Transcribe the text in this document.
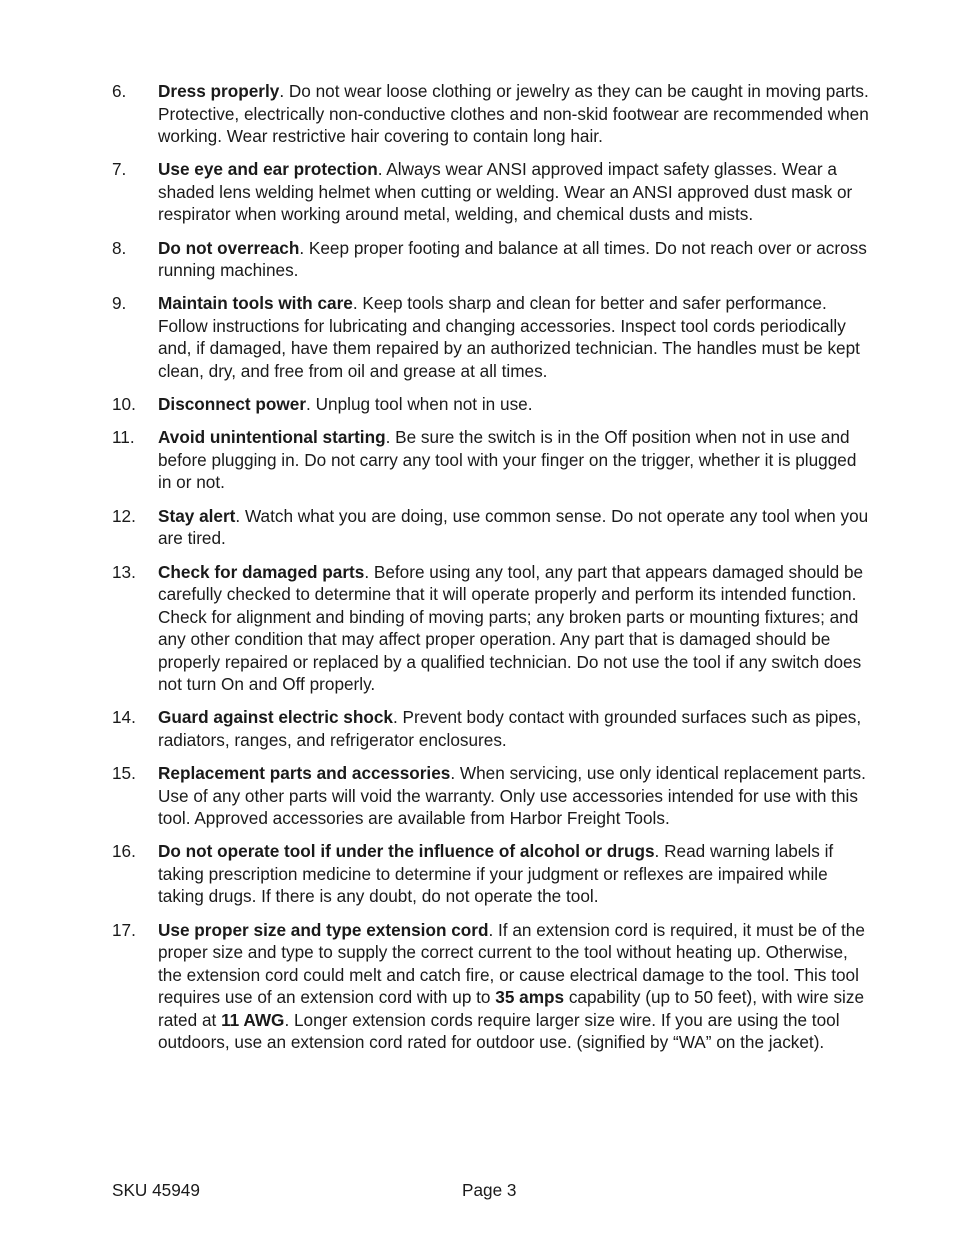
6.	Dress properly. Do not wear loose clothing or jewelry as they can be caught in moving parts. Protective, electrically non-conductive clothes and non-skid footwear are recommended when working. Wear restrictive hair covering to contain long hair.
7.	Use eye and ear protection. Always wear ANSI approved impact safety glasses. Wear a shaded lens welding helmet when cutting or welding. Wear an ANSI approved dust mask or respirator when working around metal, welding, and chemical dusts and mists.
8.	Do not overreach. Keep proper footing and balance at all times. Do not reach over or across running machines.
9.	Maintain tools with care. Keep tools sharp and clean for better and safer performance. Follow instructions for lubricating and changing accessories. Inspect tool cords periodically and, if damaged, have them repaired by an authorized technician. The handles must be kept clean, dry, and free from oil and grease at all times.
10.	Disconnect power. Unplug tool when not in use.
11.	Avoid unintentional starting. Be sure the switch is in the Off position when not in use and before plugging in. Do not carry any tool with your finger on the trigger, whether it is plugged in or not.
12.	Stay alert. Watch what you are doing, use common sense. Do not operate any tool when you are tired.
13.	Check for damaged parts. Before using any tool, any part that appears damaged should be carefully checked to determine that it will operate properly and perform its intended function. Check for alignment and binding of moving parts; any broken parts or mounting fixtures; and any other condition that may affect proper operation. Any part that is damaged should be properly repaired or replaced by a qualified technician. Do not use the tool if any switch does not turn On and Off properly.
14.	Guard against electric shock. Prevent body contact with grounded surfaces such as pipes, radiators, ranges, and refrigerator enclosures.
15.	Replacement parts and accessories. When servicing, use only identical replacement parts. Use of any other parts will void the warranty. Only use accessories intended for use with this tool. Approved accessories are available from Harbor Freight Tools.
16.	Do not operate tool if under the influence of alcohol or drugs. Read warning labels if taking prescription medicine to determine if your judgment or reflexes are impaired while taking drugs. If there is any doubt, do not operate the tool.
17.	Use proper size and type extension cord. If an extension cord is required, it must be of the proper size and type to supply the correct current to the tool without heating up. Otherwise, the extension cord could melt and catch fire, or cause electrical damage to the tool. This tool requires use of an extension cord with up to 35 amps capability (up to 50 feet), with wire size rated at 11 AWG. Longer extension cords require larger size wire. If you are using the tool outdoors, use an extension cord rated for outdoor use. (signified by “WA” on the jacket).
SKU 45949	Page 3
